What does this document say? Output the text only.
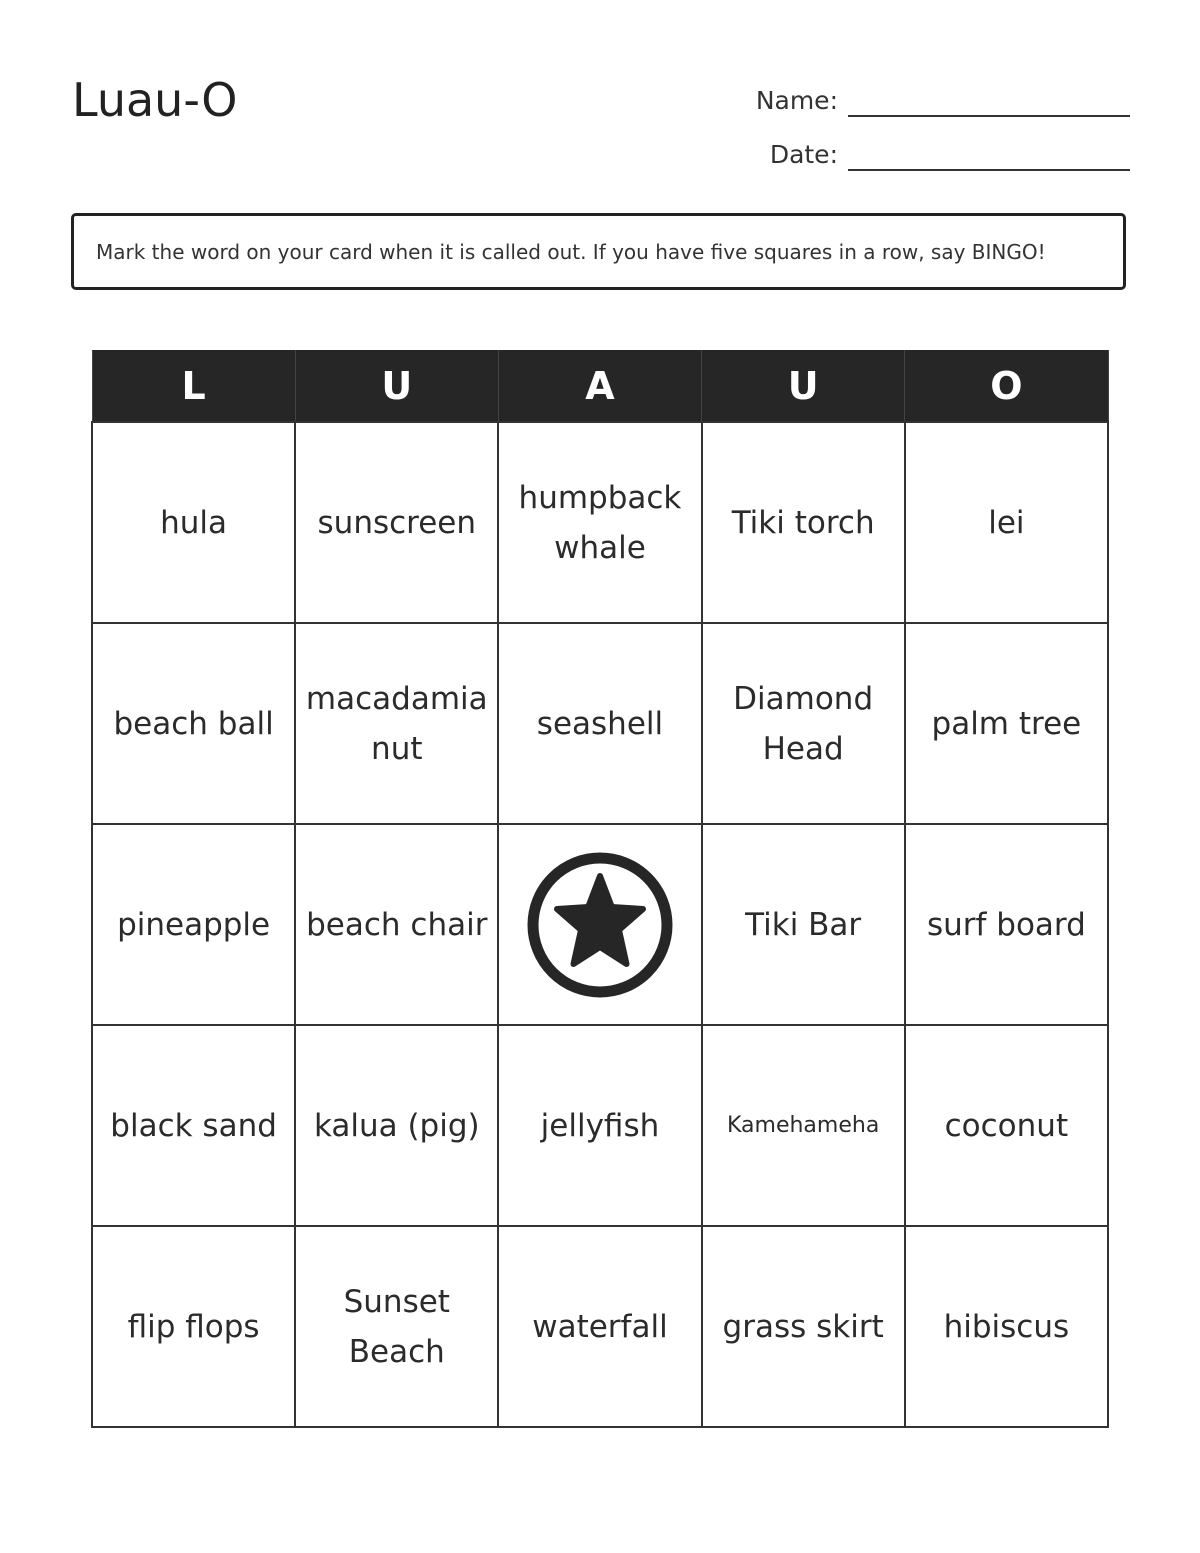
Luau-O	Name:
Date:
Mark the word on your card when it is called out. If you have five squares in a row, say BINGO!
L	U	A	U	O
hula	sunscreen	humpback whale	Tiki torch	lei
beach ball	macadamia nut	seashell	Diamond Head	palm tree
pineapple	beach chair		Tiki Bar	surf board
black sand	kalua (pig)	jellyfish	Kamehameha	coconut
flip flops	Sunset Beach	waterfall	grass skirt	hibiscus
